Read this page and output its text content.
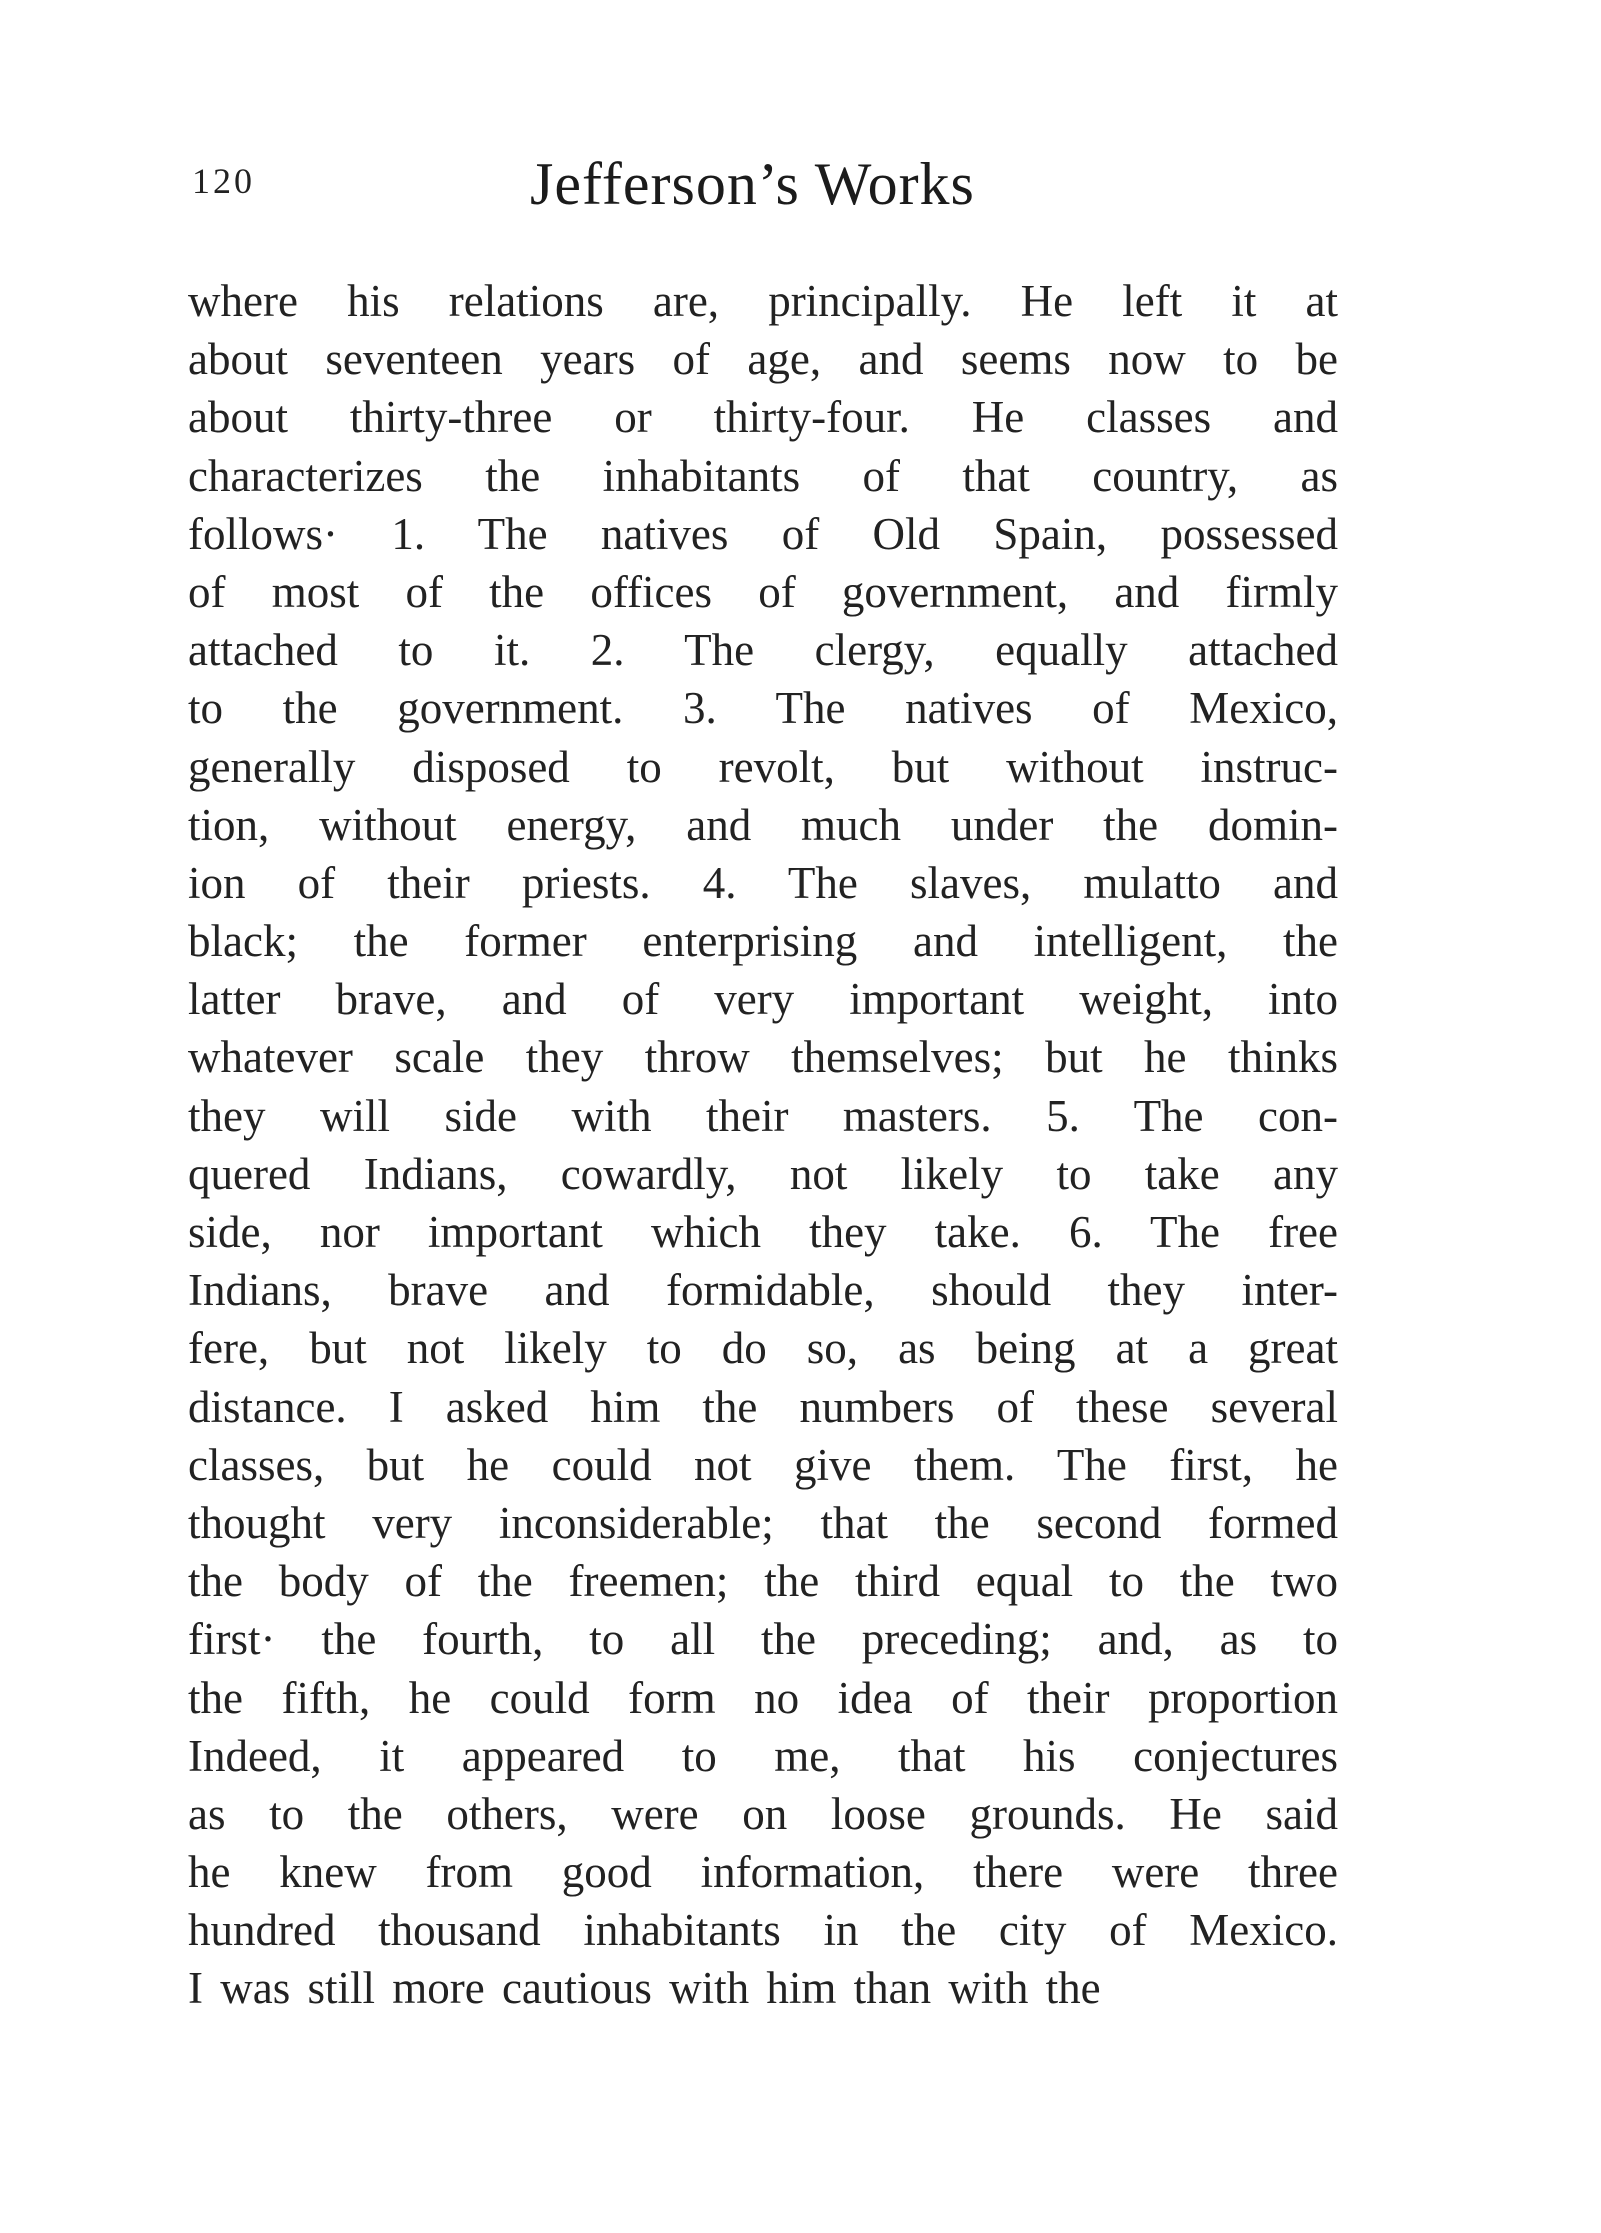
120	Jefferson’s Works
where his relations are, principally. He left it at
about seventeen years of age, and seems now to be
about thirty-three or thirty-four. He classes and
characterizes the inhabitants of that country, as
follows· 1. The natives of Old Spain, possessed
of most of the offices of government, and firmly
attached to it. 2. The clergy, equally attached
to the government. 3. The natives of Mexico,
generally disposed to revolt, but without instruc-
tion, without energy, and much under the domin-
ion of their priests. 4. The slaves, mulatto and
black; the former enterprising and intelligent, the
latter brave, and of very important weight, into
whatever scale they throw themselves; but he thinks
they will side with their masters. 5. The con-
quered Indians, cowardly, not likely to take any
side, nor important which they take. 6. The free
Indians, brave and formidable, should they inter-
fere, but not likely to do so, as being at a great
distance. I asked him the numbers of these several
classes, but he could not give them. The first, he
thought very inconsiderable; that the second formed
the body of the freemen; the third equal to the two
first· the fourth, to all the preceding; and, as to
the fifth, he could form no idea of their proportion
Indeed, it appeared to me, that his conjectures
as to the others, were on loose grounds. He said
he knew from good information, there were three
hundred thousand inhabitants in the city of Mexico.
I was still more cautious with him than with the
